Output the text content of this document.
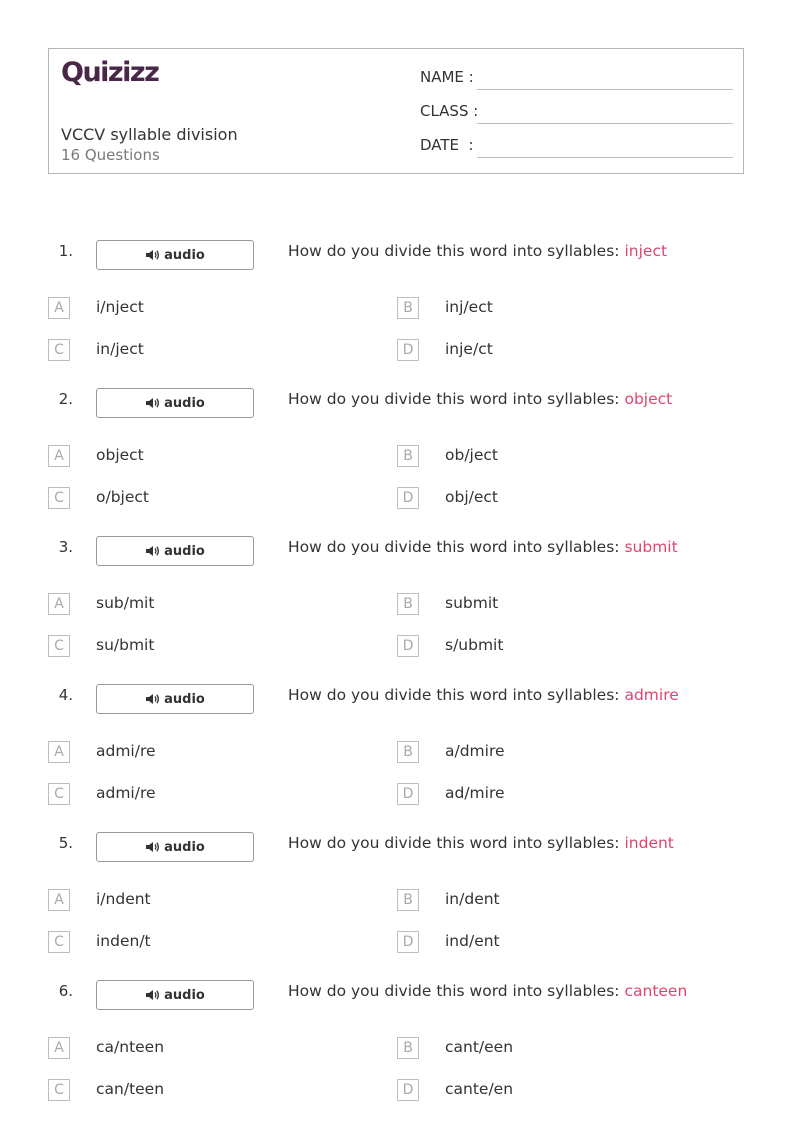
Quizizz
VCCV syllable division
16 Questions
NAME :
CLASS :
DATE  :
1.	audio	How do you divide this word into syllables: inject
A	i/nject	B	inj/ect
C	in/ject	D	inje/ct
2.	audio	How do you divide this word into syllables: object
A	object	B	ob/ject
C	o/bject	D	obj/ect
3.	audio	How do you divide this word into syllables: submit
A	sub/mit	B	submit
C	su/bmit	D	s/ubmit
4.	audio	How do you divide this word into syllables: admire
A	admi/re	B	a/dmire
C	admi/re	D	ad/mire
5.	audio	How do you divide this word into syllables: indent
A	i/ndent	B	in/dent
C	inden/t	D	ind/ent
6.	audio	How do you divide this word into syllables: canteen
A	ca/nteen	B	cant/een
C	can/teen	D	cante/en
